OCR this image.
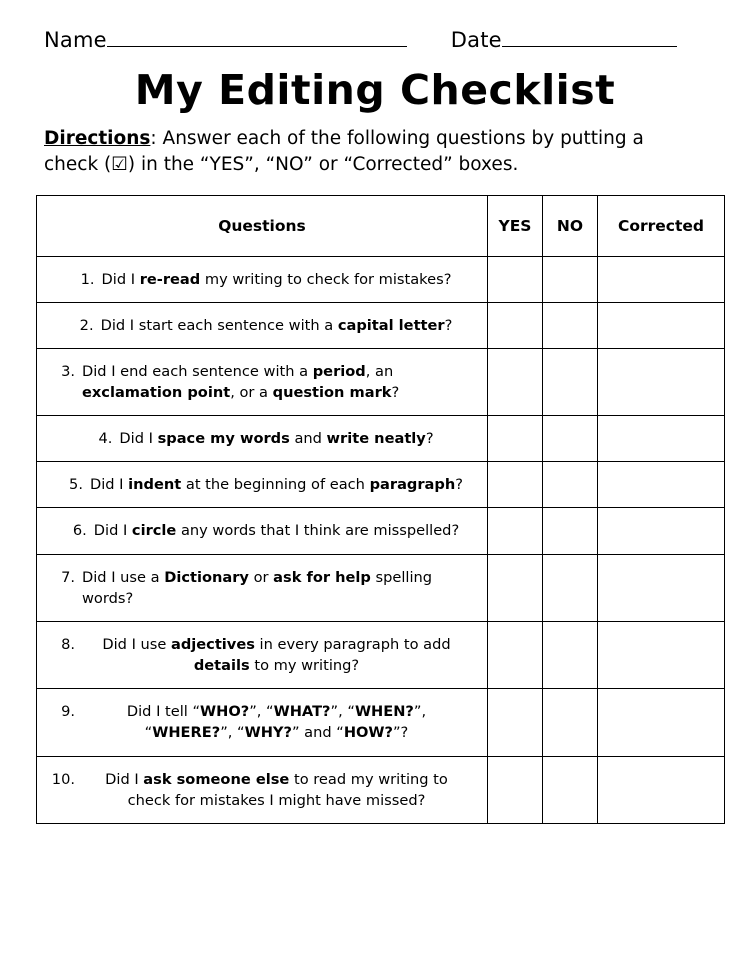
Name	Date
My Editing Checklist
Directions: Answer each of the following questions by putting a check (☑) in the “YES”, “NO” or “Corrected” boxes.
Questions	YES	NO	Corrected

1. Did I re-read my writing to check for mistakes?			

2. Did I start each sentence with a capital letter?			

3. Did I end each sentence with a period, an exclamation point, or a question mark?			

4. Did I space my words and write neatly?			

5. Did I indent at the beginning of each paragraph?			

6. Did I circle any words that I think are misspelled?			

7. Did I use a Dictionary or ask for help spelling words?			

8. Did I use adjectives in every paragraph to add details to my writing?			

9. Did I tell “WHO?”, “WHAT?”, “WHEN?”, “WHERE?”, “WHY?” and “HOW?”?			

10. Did I ask someone else to read my writing to check for mistakes I might have missed?			
